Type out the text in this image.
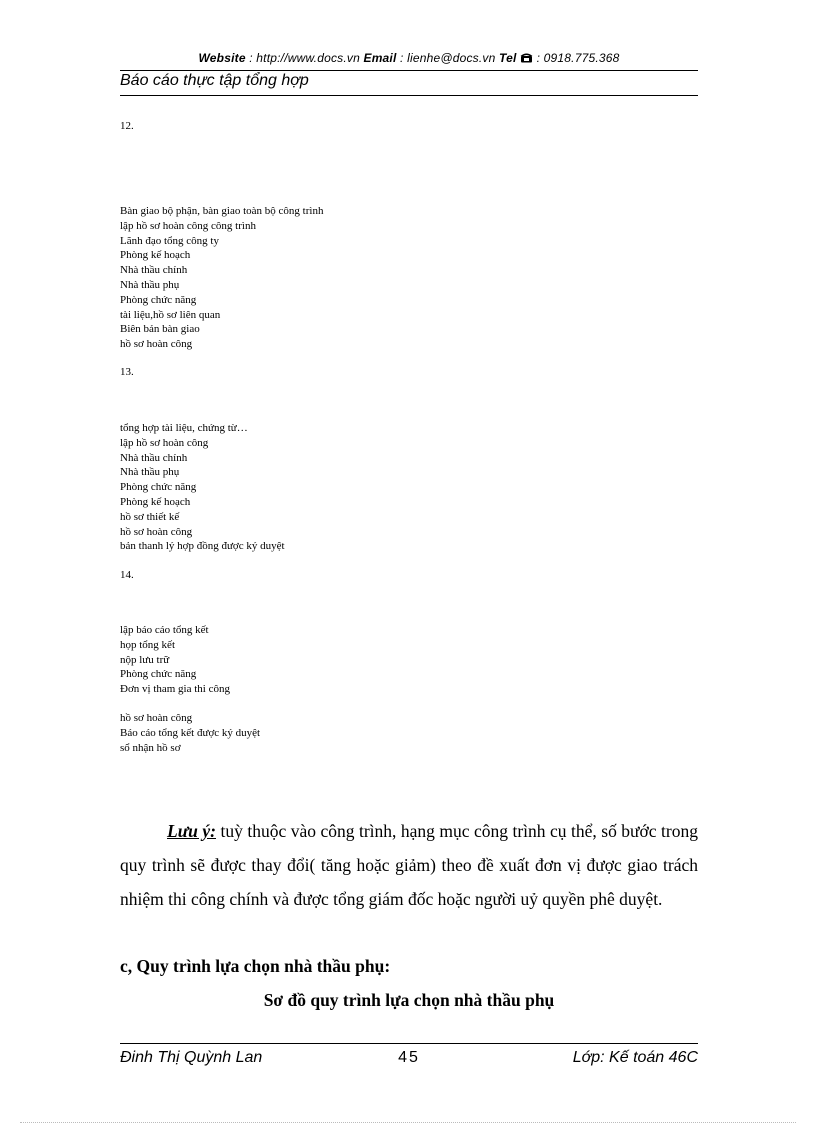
Website : http://www.docs.vn Email : lienhe@docs.vn Tel  : 0918.775.368
Báo cáo thực tập tổng hợp
12.
Bàn giao bộ phận, bàn giao toàn bộ công trình
lập hồ sơ hoàn công công trình
Lãnh đạo tổng công ty
Phòng kế hoạch
Nhà thầu chính
Nhà thầu phụ
Phòng chức năng
tài liệu,hồ sơ liên quan
Biên bản bàn giao
hồ sơ hoàn công
13.
tổng hợp tài liệu, chứng từ…
lập hồ sơ hoàn công
Nhà thầu chính
Nhà thầu phụ
Phòng chức năng
Phòng kế hoạch
hồ sơ thiết kế
hồ sơ hoàn công
bản thanh lý hợp đồng được ký duyệt
14.
lập báo cáo tổng kết
họp tổng kết
nộp lưu trữ
Phòng chức năng
Đơn vị tham gia thi công
hồ sơ hoàn công
Báo cáo tổng kết được ký duyệt
sổ nhận hồ sơ
Lưu ý: tuỳ thuộc vào công trình, hạng mục công trình cụ thể, số bước trong quy trình sẽ được thay đổi( tăng hoặc giảm) theo đề xuất đơn vị được giao trách nhiệm thi công chính và được tổng giám đốc hoặc người uỷ quyền phê duyệt.
c, Quy trình lựa chọn nhà thầu phụ:
Sơ đồ quy trình lựa chọn nhà thầu phụ
Đinh Thị Quỳnh Lan	45	Lớp: Kế toán 46C
